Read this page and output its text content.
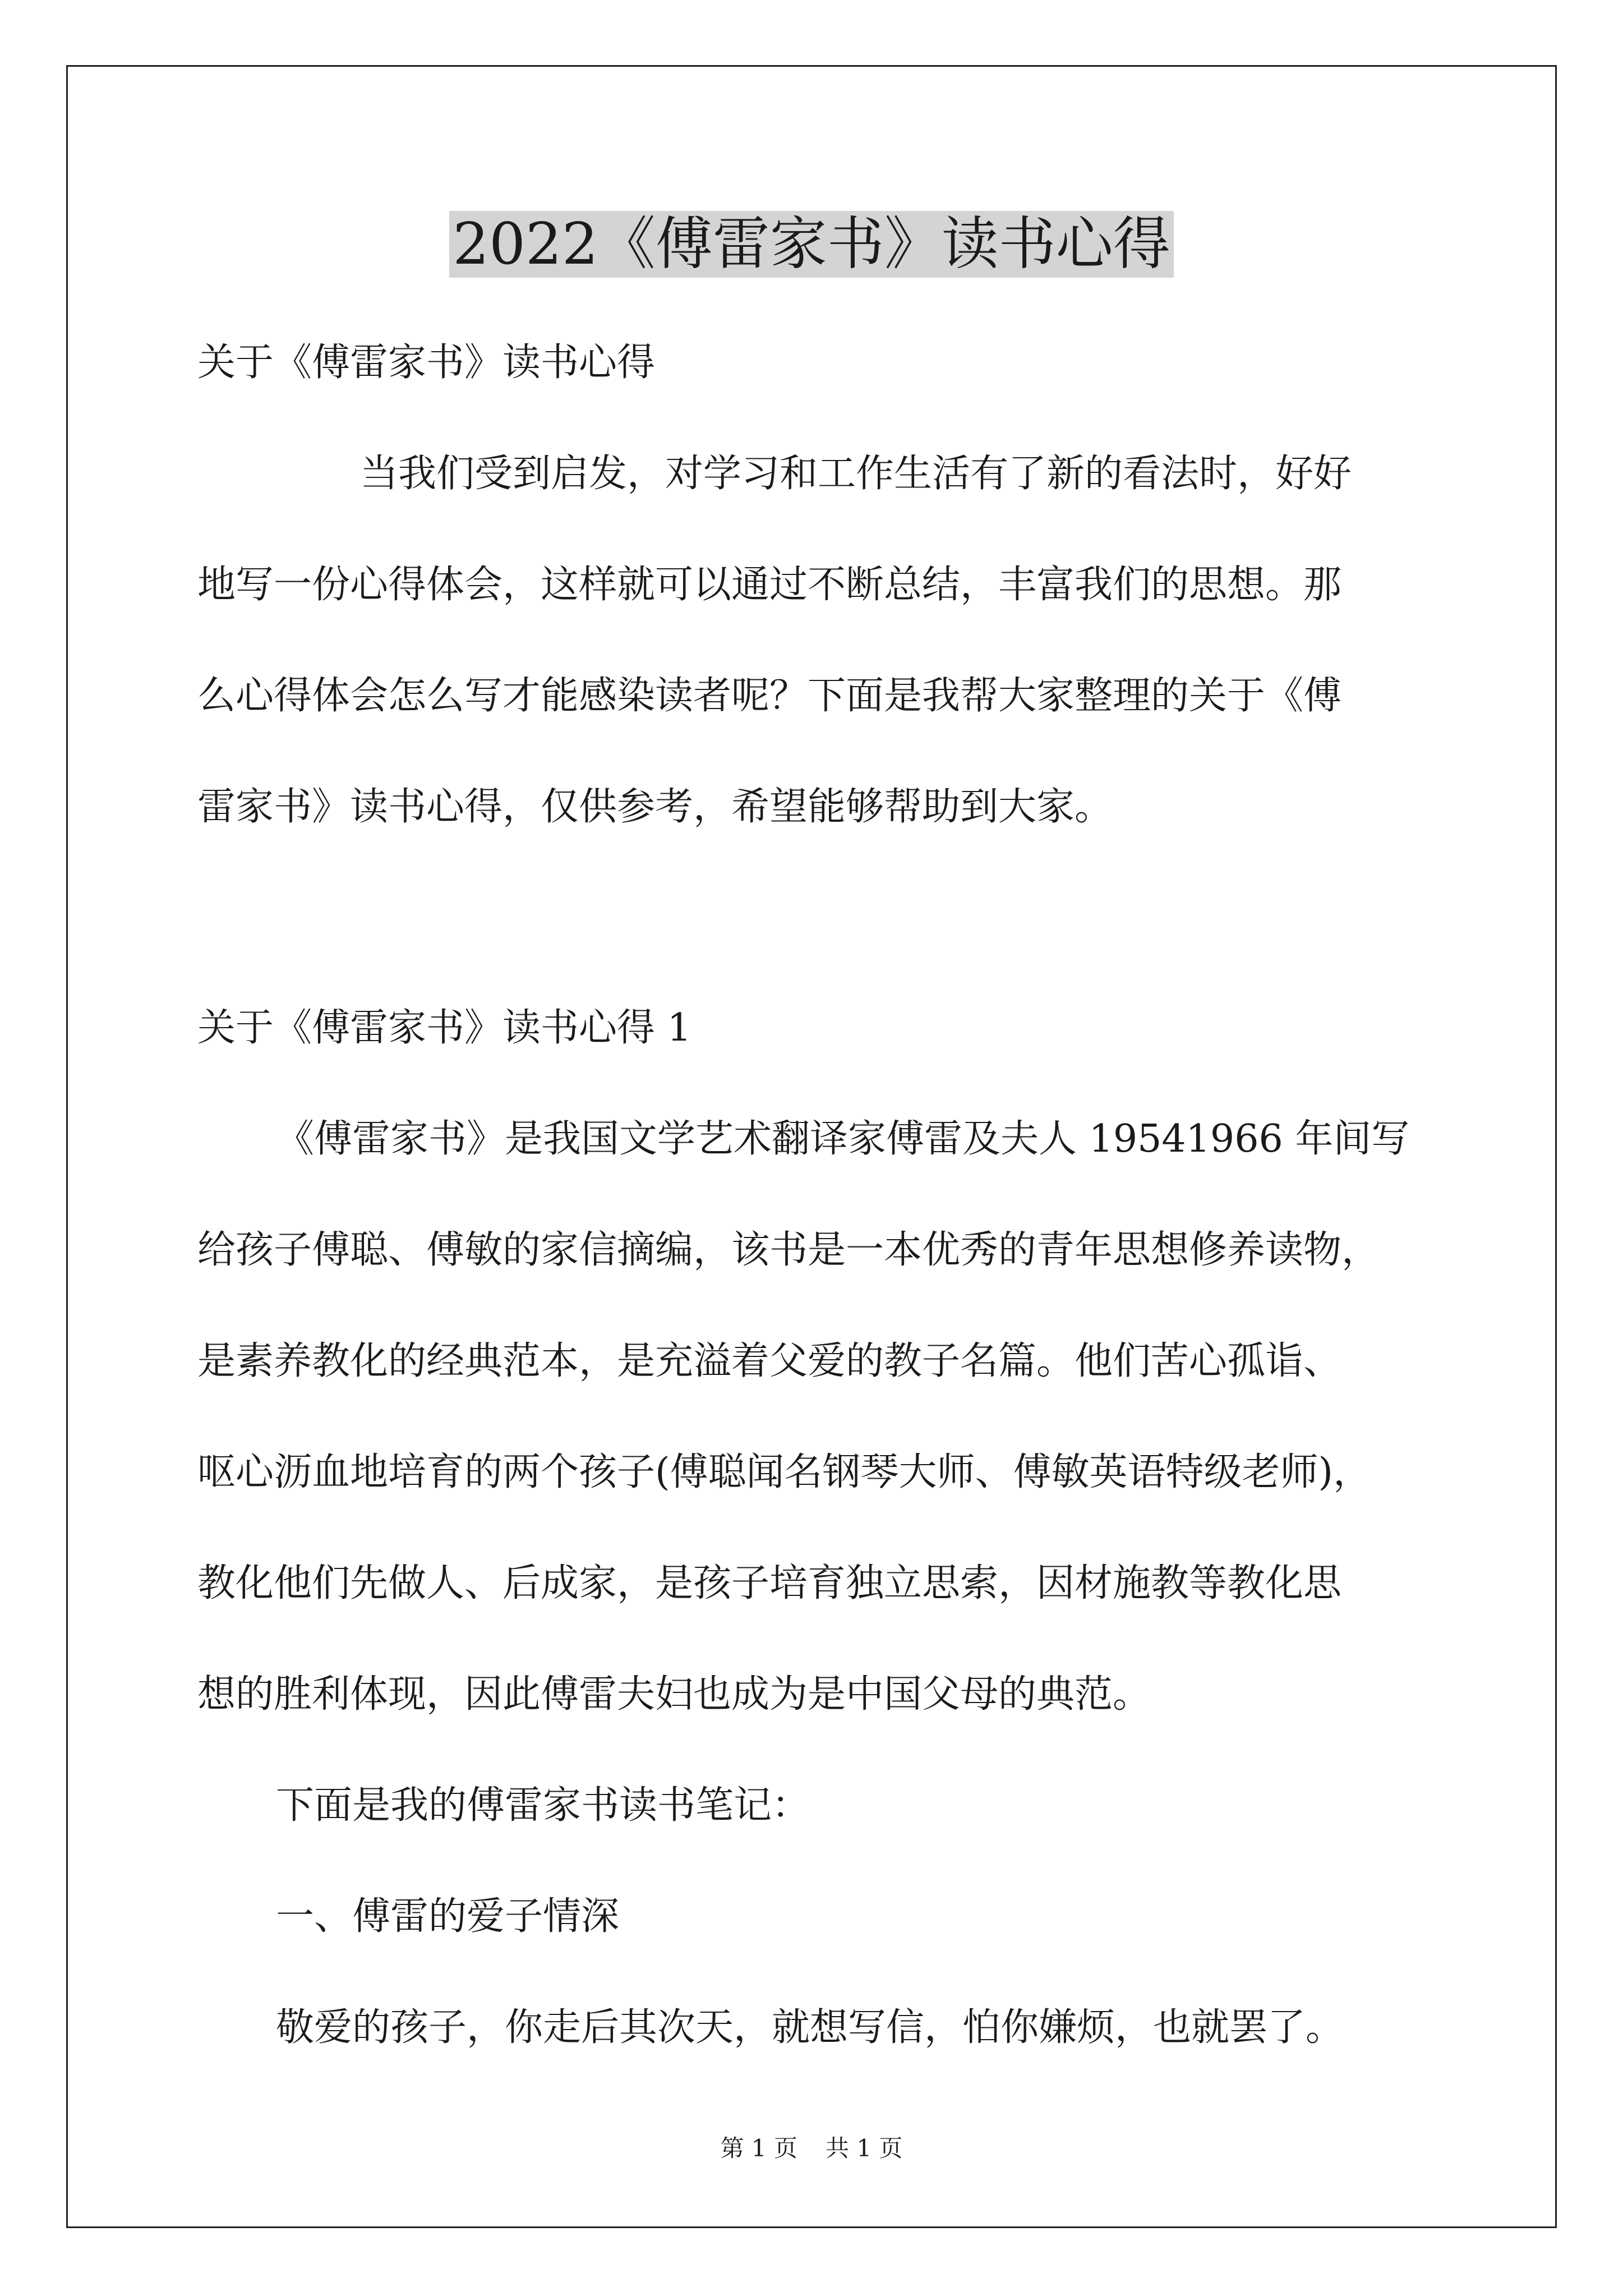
2022《傅雷家书》读书心得

关于《傅雷家书》读书心得

当我们受到启发，对学习和工作生活有了新的看法时，好好

地写一份心得体会，这样就可以通过不断总结，丰富我们的思想。那

么心得体会怎么写才能感染读者呢？下面是我帮大家整理的关于《傅

雷家书》读书心得，仅供参考，希望能够帮助到大家。

关于《傅雷家书》读书心得 1

《傅雷家书》是我国文学艺术翻译家傅雷及夫人 19541966 年间写

给孩子傅聪、傅敏的家信摘编，该书是一本优秀的青年思想修养读物，

是素养教化的经典范本，是充溢着父爱的教子名篇。他们苦心孤诣、

呕心沥血地培育的两个孩子(傅聪闻名钢琴大师、傅敏英语特级老师)，

教化他们先做人、后成家，是孩子培育独立思索，因材施教等教化思

想的胜利体现，因此傅雷夫妇也成为是中国父母的典范。

下面是我的傅雷家书读书笔记：

一、傅雷的爱子情深

敬爱的孩子，你走后其次天，就想写信，怕你嫌烦，也就罢了。

第 1 页 共 1 页
